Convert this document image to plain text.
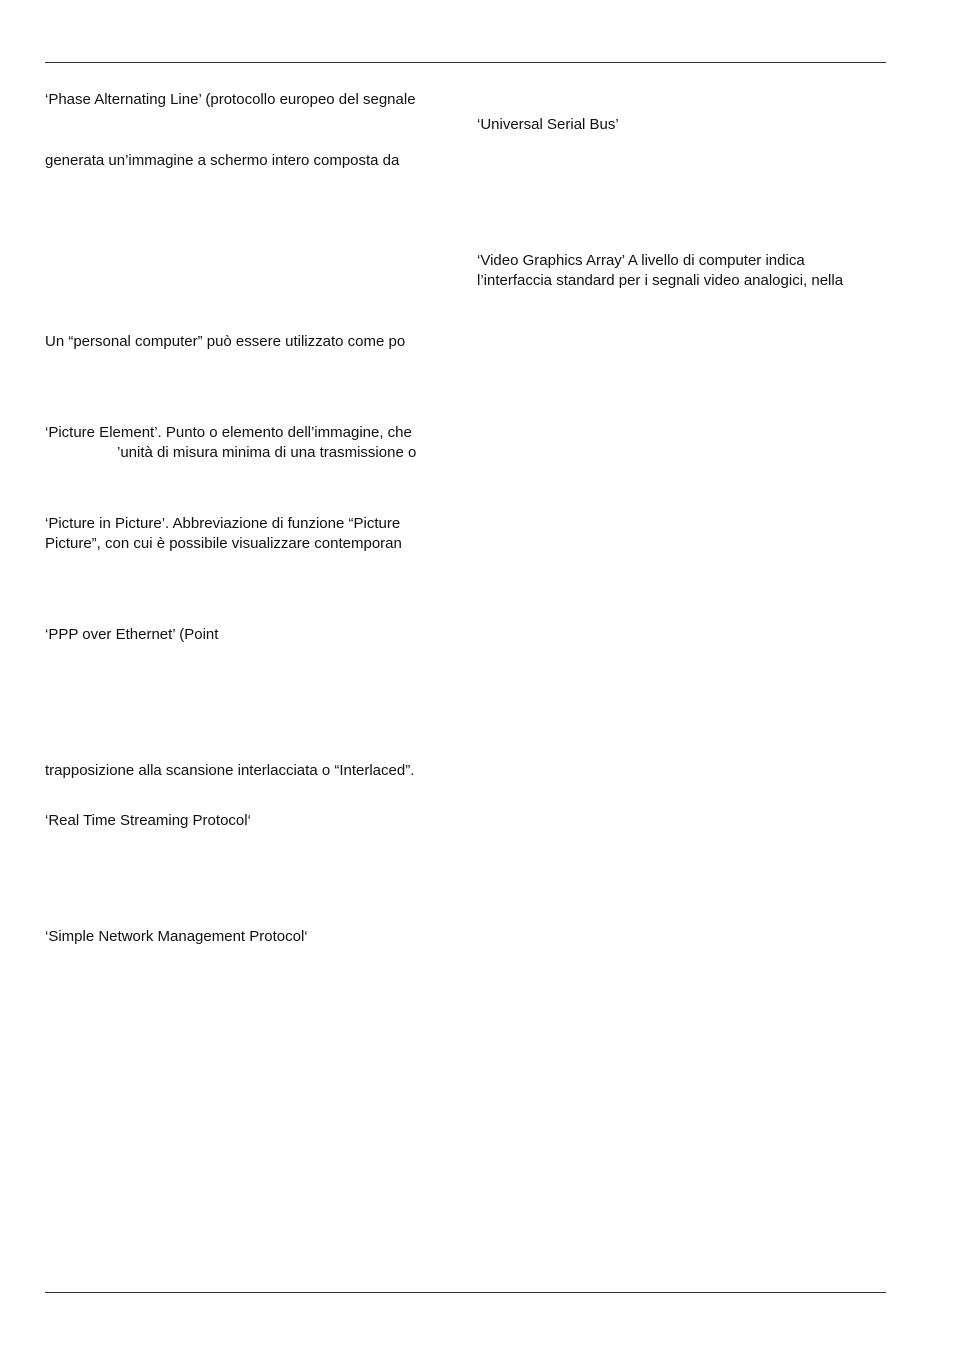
‘Phase Alternating Line’ (protocollo europeo del segnale
generata un’immagine a schermo intero composta da
Un “personal computer” può essere utilizzato come po
‘Picture Element’. Punto o elemento dell’immagine, che
’unità di misura minima di una trasmissione o
‘Picture in Picture’. Abbreviazione di funzione “Picture
Picture”, con cui è possibile visualizzare contemporan
‘PPP over Ethernet’ (Point
trapposizione alla scansione interlacciata o “Interlaced”.
‘Real Time Streaming Protocol‘
‘Simple Network Management Protocol‘
‘Universal Serial Bus’
‘Video Graphics Array’ A livello di computer indica
l’interfaccia standard per i segnali video analogici, nella
